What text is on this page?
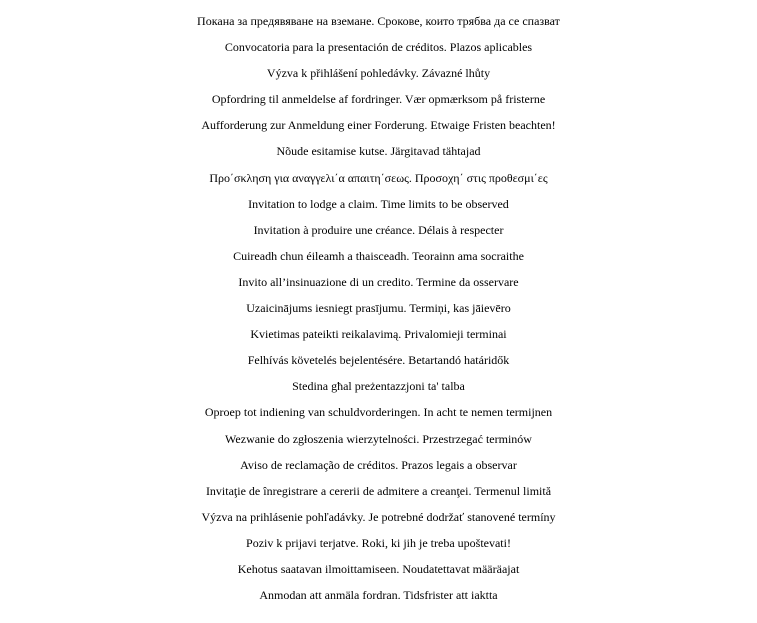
Покана за предявяване на вземане. Срокове, които трябва да се спазват
Convocatoria para la presentación de créditos. Plazos aplicables
Výzva k přihlášení pohledávky. Závazné lhůty
Opfordring til anmeldelse af fordringer. Vær opmærksom på fristerne
Aufforderung zur Anmeldung einer Forderung. Etwaige Fristen beachten!
Nõude esitamise kutse. Järgitavad tähtajad
Προ΄σκληση για αναγγελι΄α απαιτη΄σεως. Προσοχη΄ στις προθεσμι΄ες
Invitation to lodge a claim. Time limits to be observed
Invitation à produire une créance. Délais à respecter
Cuireadh chun éileamh a thaisceadh. Teorainn ama socraithe
Invito all’insinuazione di un credito. Termine da osservare
Uzaicinājums iesniegt prasījumu. Termiņi, kas jāievēro
Kvietimas pateikti reikalavimą. Privalomieji terminai
Felhívás követelés bejelentésére. Betartandó határidők
Stedina għal preżentazzjoni ta' talba
Oproep tot indiening van schuldvorderingen. In acht te nemen termijnen
Wezwanie do zgłoszenia wierzytelności. Przestrzegać terminów
Aviso de reclamação de créditos. Prazos legais a observar
Invitaţie de înregistrare a cererii de admitere a creanţei. Termenul limită
Výzva na prihlásenie pohľadávky. Je potrebné dodržať stanovené termíny
Poziv k prijavi terjatve. Roki, ki jih je treba upoštevati!
Kehotus saatavan ilmoittamiseen. Noudatettavat määräajat
Anmodan att anmäla fordran. Tidsfrister att iaktta
